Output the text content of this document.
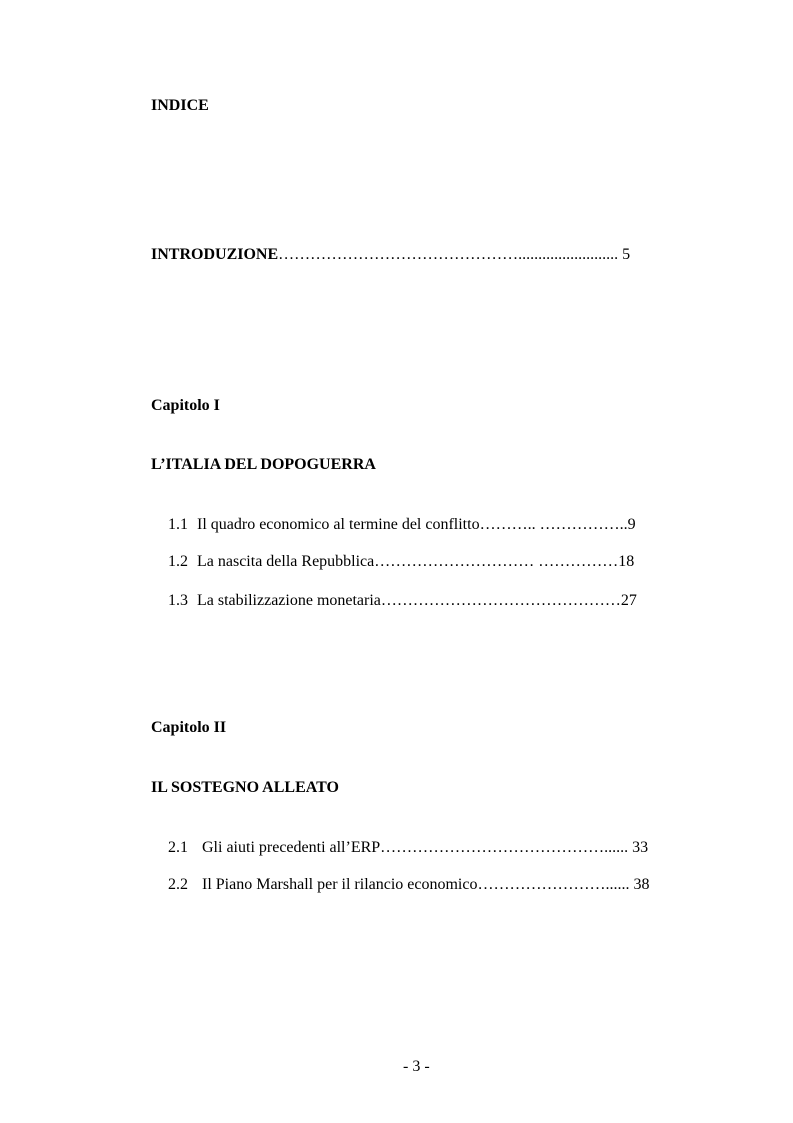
INDICE
INTRODUZIONE ………………………………………......................... 5
Capitolo I
L’ITALIA DEL DOPOGUERRA
1.1 Il quadro economico al termine del conflitto ……….. …………….. 9
1.2 La nascita della Repubblica ………………………… …………… 18
1.3 La stabilizzazione monetaria ……………………………………… 27
Capitolo II
IL SOSTEGNO ALLEATO
2.1 Gli aiuti precedenti all’ERP ……………………………………...... 33
2.2 Il Piano Marshall per il rilancio economico ……………………...... 38
- 3 -
